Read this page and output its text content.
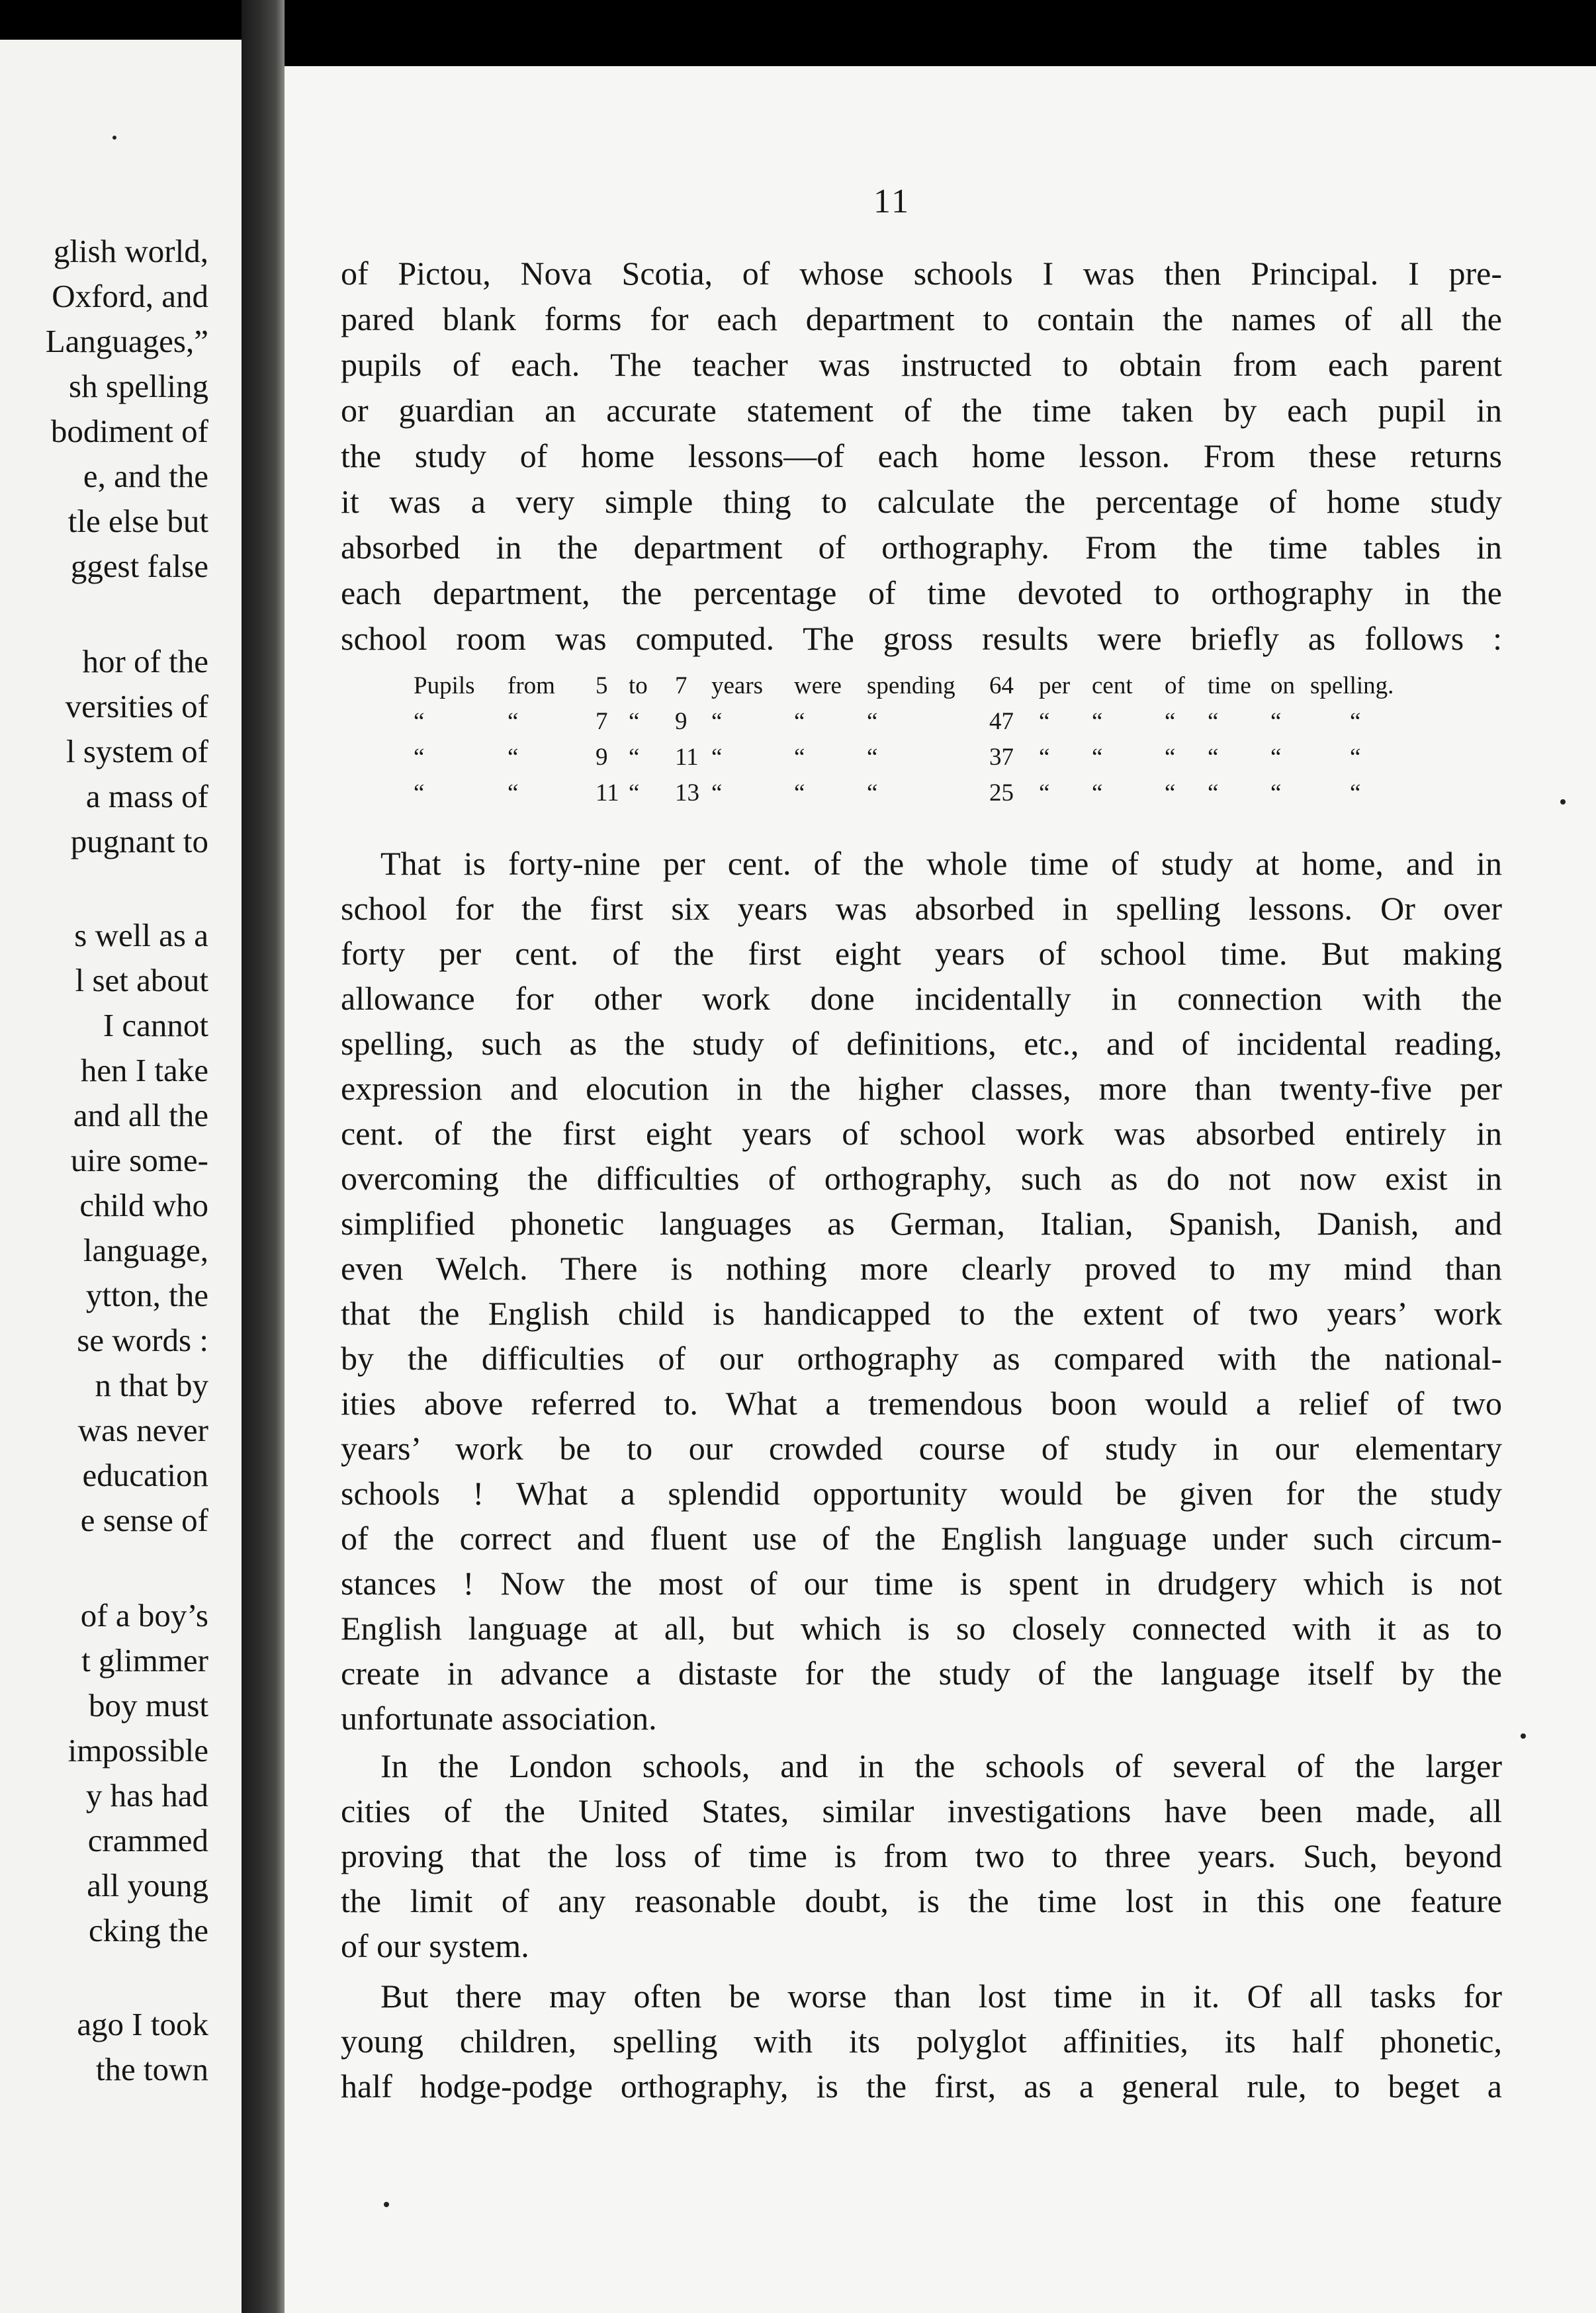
glish world,
Oxford, and
Languages,”
sh spelling
bodiment of
e, and the
tle else but
ggest false
hor of the
versities of
l system of
a mass of
pugnant to
s well as a
l set about
I cannot
hen I take
and all the
uire some-
child who
language,
ytton, the
se words :
n that by
was never
education
e sense of
of a boy’s
t glimmer
boy must
impossible
y has had
crammed
all young
cking the
ago I took
the town
11
of Pictou, Nova Scotia, of whose schools I was then Principal. I pre-
pared blank forms for each department to contain the names of all the
pupils of each. The teacher was instructed to obtain from each parent
or guardian an accurate statement of the time taken by each pupil in
the study of home lessons—of each home lesson. From these returns
it was a very simple thing to calculate the percentage of home study
absorbed in the department of orthography. From the time tables in
each department, the percentage of time devoted to orthography in the
school room was computed. The gross results were briefly as follows :
Pupils from 5 to 7 years were spending 64 per cent of time on spelling.
“	“	7 “ 9 “	“	“	47 “ “	“ “ “	“
“	“	9 “ 11 “	“	“	37 “ “	“ “ “	“
“	“	11 “ 13 “	“	“	25 “ “	“ “ “	“
That is forty-nine per cent. of the whole time of study at home, and in
school for the first six years was absorbed in spelling lessons. Or over
forty per cent. of the first eight years of school time. But making
allowance for other work done incidentally in connection with the
spelling, such as the study of definitions, etc., and of incidental reading,
expression and elocution in the higher classes, more than twenty-five per
cent. of the first eight years of school work was absorbed entirely in
overcoming the difficulties of orthography, such as do not now exist in
simplified phonetic languages as German, Italian, Spanish, Danish, and
even Welch. There is nothing more clearly proved to my mind than
that the English child is handicapped to the extent of two years’ work
by the difficulties of our orthography as compared with the national-
ities above referred to. What a tremendous boon would a relief of two
years’ work be to our crowded course of study in our elementary
schools ! What a splendid opportunity would be given for the study
of the correct and fluent use of the English language under such circum-
stances ! Now the most of our time is spent in drudgery which is not
English language at all, but which is so closely connected with it as to
create in advance a distaste for the study of the language itself by the
unfortunate association.
In the London schools, and in the schools of several of the larger
cities of the United States, similar investigations have been made, all
proving that the loss of time is from two to three years. Such, beyond
the limit of any reasonable doubt, is the time lost in this one feature
of our system.
But there may often be worse than lost time in it. Of all tasks for
young children, spelling with its polyglot affinities, its half phonetic,
half hodge-podge orthography, is the first, as a general rule, to beget a
